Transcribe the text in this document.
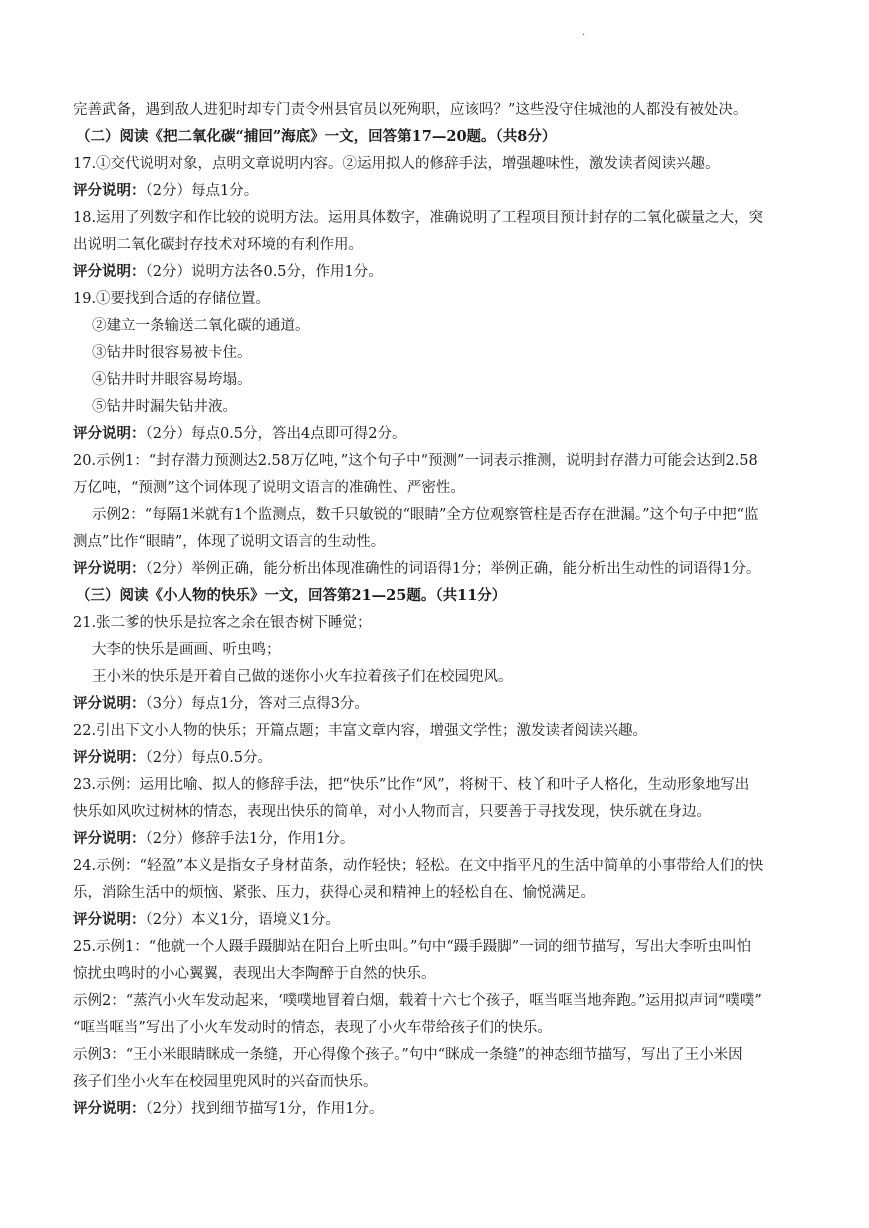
·
完善武备，遇到敌人进犯时却专门责令州县官员以死殉职，应该吗？”这些没守住城池的人都没有被处决。
（二）阅读《把二氧化碳“捕回”海底》一文，回答第17—20题。（共8分）
17.①交代说明对象，点明文章说明内容。②运用拟人的修辞手法，增强趣味性，激发读者阅读兴趣。
评分说明：（2分）每点1分。
18.运用了列数字和作比较的说明方法。运用具体数字，准确说明了工程项目预计封存的二氧化碳量之大，突
出说明二氧化碳封存技术对环境的有利作用。
评分说明：（2分）说明方法各0.5分，作用1分。
19.①要找到合适的存储位置。
②建立一条输送二氧化碳的通道。
③钻井时很容易被卡住。
④钻井时井眼容易垮塌。
⑤钻井时漏失钻井液。
评分说明：（2分）每点0.5分，答出4点即可得2分。
20.示例1：“封存潜力预测达2.58万亿吨，”这个句子中“预测”一词表示推测，说明封存潜力可能会达到2.58
万亿吨，“预测”这个词体现了说明文语言的准确性、严密性。
示例2：“每隔1米就有1个监测点，数千只敏锐的“眼睛”全方位观察管柱是否存在泄漏。”这个句子中把“监
测点”比作“眼睛”，体现了说明文语言的生动性。
评分说明：（2分）举例正确，能分析出体现准确性的词语得1分；举例正确，能分析出生动性的词语得1分。
（三）阅读《小人物的快乐》一文，回答第21—25题。（共11分）
21.张二爹的快乐是拉客之余在银杏树下睡觉；
大李的快乐是画画、听虫鸣；
王小米的快乐是开着自己做的迷你小火车拉着孩子们在校园兜风。
评分说明：（3分）每点1分，答对三点得3分。
22.引出下文小人物的快乐；开篇点题；丰富文章内容，增强文学性；激发读者阅读兴趣。
评分说明：（2分）每点0.5分。
23.示例：运用比喻、拟人的修辞手法，把“快乐”比作“风”，将树干、枝丫和叶子人格化，生动形象地写出
快乐如风吹过树林的情态，表现出快乐的简单，对小人物而言，只要善于寻找发现，快乐就在身边。
评分说明：（2分）修辞手法1分，作用1分。
24.示例：“轻盈”本义是指女子身材苗条，动作轻快；轻松。在文中指平凡的生活中简单的小事带给人们的快
乐，消除生活中的烦恼、紧张、压力，获得心灵和精神上的轻松自在、愉悦满足。
评分说明：（2分）本义1分，语境义1分。
25.示例1：“他就一个人蹑手蹑脚站在阳台上听虫叫。”句中“蹑手蹑脚”一词的细节描写，写出大李听虫叫怕
惊扰虫鸣时的小心翼翼，表现出大李陶醉于自然的快乐。
示例2：“蒸汽小火车发动起来，‘噗噗地冒着白烟，载着十六七个孩子，哐当哐当地奔跑。”运用拟声词“噗噗”
“哐当哐当”写出了小火车发动时的情态，表现了小火车带给孩子们的快乐。
示例3：“王小米眼睛眯成一条缝，开心得像个孩子。”句中“眯成一条缝”的神态细节描写，写出了王小米因
孩子们坐小火车在校园里兜风时的兴奋而快乐。
评分说明：（2分）找到细节描写1分，作用1分。
